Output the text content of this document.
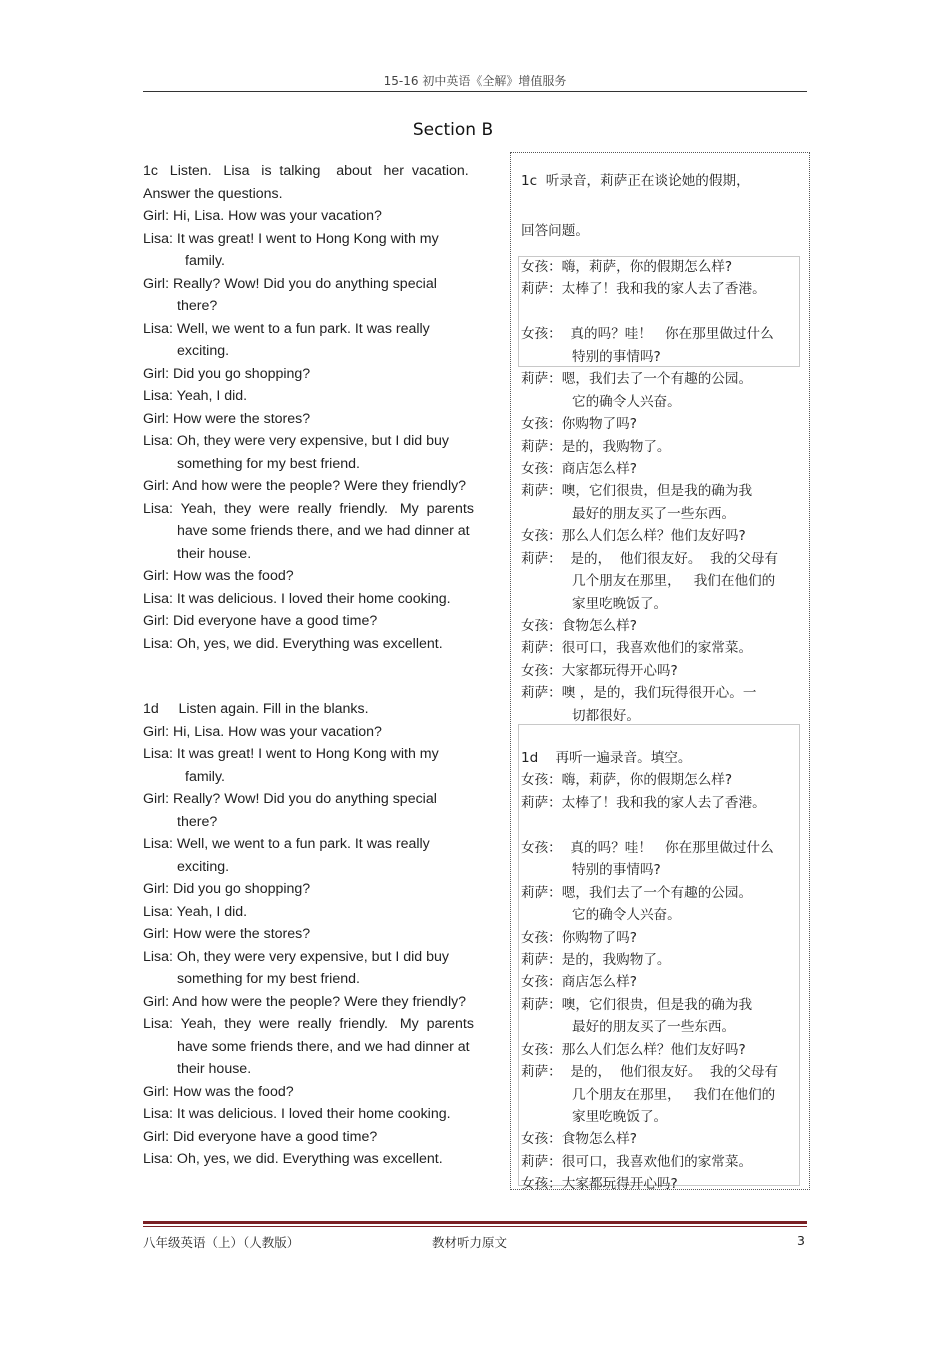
15-16 初中英语《全解》增值服务
Section B
1c   Listen.   Lisa   is  talking    about   her  vacation.
Answer the questions.
Girl: Hi, Lisa. How was your vacation?
Lisa: It was great! I went to Hong Kong with my
family.
Girl: Really? Wow! Did you do anything special
there?
Lisa: Well, we went to a fun park. It was really
exciting.
Girl: Did you go shopping?
Lisa: Yeah, I did.
Girl: How were the stores?
Lisa: Oh, they were very expensive, but I did buy
something for my best friend.
Girl: And how were the people? Were they friendly?
Lisa:  Yeah,  they  were  really  friendly.   My  parents
have some friends there, and we had dinner at
their house.
Girl: How was the food?
Lisa: It was delicious. I loved their home cooking.
Girl: Did everyone have a good time?
Lisa: Oh, yes, we did. Everything was excellent.
1d     Listen again. Fill in the blanks.
Girl: Hi, Lisa. How was your vacation?
Lisa: It was great! I went to Hong Kong with my
family.
Girl: Really? Wow! Did you do anything special
there?
Lisa: Well, we went to a fun park. It was really
exciting.
Girl: Did you go shopping?
Lisa: Yeah, I did.
Girl: How were the stores?
Lisa: Oh, they were very expensive, but I did buy
something for my best friend.
Girl: And how were the people? Were they friendly?
Lisa:  Yeah,  they  were  really  friendly.   My  parents
have some friends there, and we had dinner at
their house.
Girl: How was the food?
Lisa: It was delicious. I loved their home cooking.
Girl: Did everyone have a good time?
Lisa: Oh, yes, we did. Everything was excellent.
1c  听录音，莉萨正在谈论她的假期，
回答问题。
女孩：嗨，莉萨，你的假期怎么样?
莉萨：太棒了！我和我的家人去了香港。
女孩：  真的吗？哇！   你在那里做过什么
特别的事情吗?
莉萨：嗯，我们去了一个有趣的公园。
它的确令人兴奋。
女孩：你购物了吗?
莉萨：是的，我购物了。
女孩：商店怎么样?
莉萨：噢，它们很贵，但是我的确为我
最好的朋友买了一些东西。
女孩：那么人们怎么样？他们友好吗?
莉萨：  是的，  他们很友好。  我的父母有
几个朋友在那里，   我们在他们的
家里吃晚饭了。
女孩：食物怎么样?
莉萨：很可口，我喜欢他们的家常菜。
女孩：大家都玩得开心吗?
莉萨：噢 ，是的，我们玩得很开心。一
切都很好。
1d    再听一遍录音。填空。
女孩：嗨，莉萨，你的假期怎么样?
莉萨：太棒了！我和我的家人去了香港。
女孩：  真的吗？哇！   你在那里做过什么
特别的事情吗?
莉萨：嗯，我们去了一个有趣的公园。
它的确令人兴奋。
女孩：你购物了吗?
莉萨：是的，我购物了。
女孩：商店怎么样?
莉萨：噢，它们很贵，但是我的确为我
最好的朋友买了一些东西。
女孩：那么人们怎么样？他们友好吗?
莉萨：  是的，  他们很友好。  我的父母有
几个朋友在那里，   我们在他们的
家里吃晚饭了。
女孩：食物怎么样?
莉萨：很可口，我喜欢他们的家常菜。
女孩：大家都玩得开心吗?
八年级英语（上）（人教版）	教材听力原文	3
